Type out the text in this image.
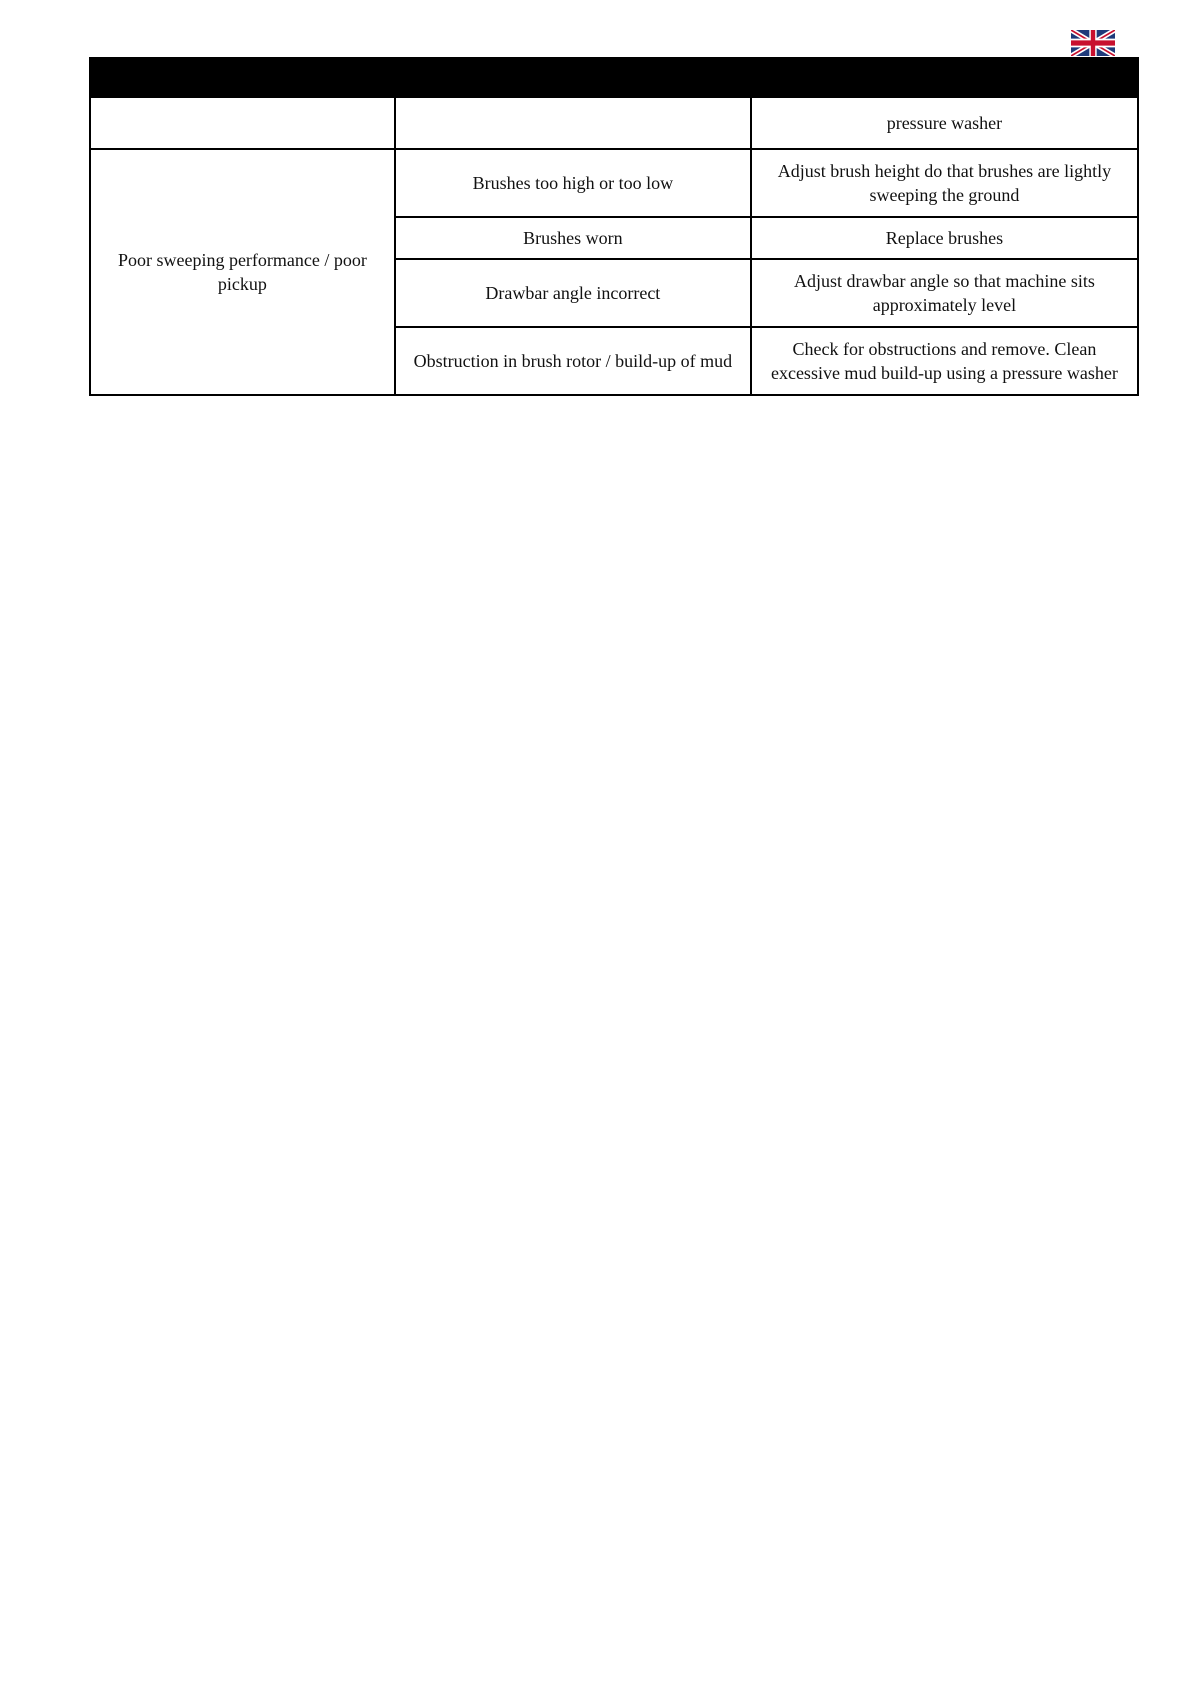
		pressure washer
Poor sweeping performance / poor pickup	Brushes too high or too low	Adjust brush height do that brushes are lightly sweeping the ground
	Brushes worn	Replace brushes
	Drawbar angle incorrect	Adjust drawbar angle so that machine sits approximately level
	Obstruction in brush rotor / build-up of mud	Check for obstructions and remove. Clean excessive mud build-up using a pressure washer
